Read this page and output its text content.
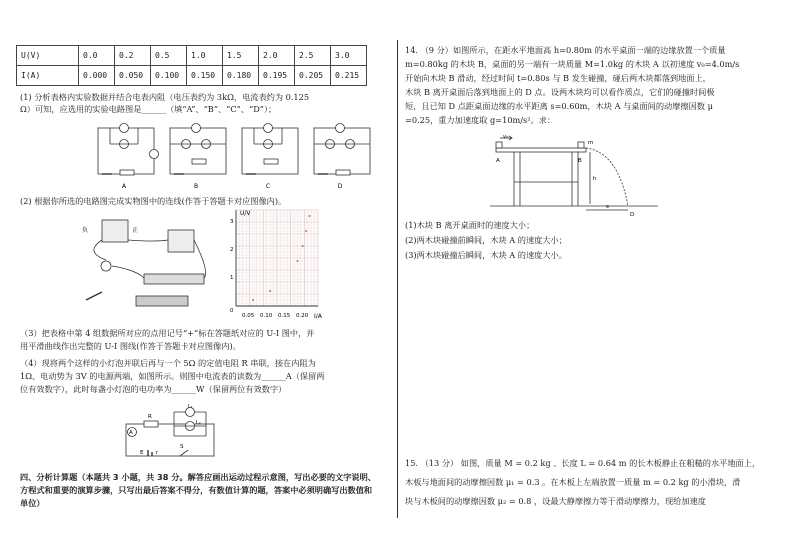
U(V)	0.0	0.2	0.5	1.0	1.5	2.0	2.5	3.0
I(A)	0.000	0.050	0.100	0.150	0.180	0.195	0.205	0.215
(1) 分析表格内实验数据并结合电表内阻（电压表约为 3kΩ，电流表约为 0.125
Ω）可知，应选用的实验电路图是______（填“A”、“B”、“C”、“D”）；
A	B	C	D
(2) 根据你所选的电路图完成实物图中的连线(作答于答题卡对应图像内)。
负	正
U/V
I/A
3
2
1
0
0.05 0.10 0.15 0.20
（3）把表格中第 4 组数据所对应的点用记号“+”标在答题纸对应的 U-I 图中，并
用平滑曲线作出完整的 U-I 图线(作答于答题卡对应图像内)。
（4）现将两个这样的小灯泡并联后再与一个 5Ω 的定值电阻 R 串联，接在内阻为
1Ω、电动势为 3V 的电源两端，如图所示。则图中电流表的读数为______A（保留两
位有效数字），此时每盏小灯泡的电功率为______W（保留两位有效数字）
A
R
L₁
L₂
E r
S
四、分析计算题（本题共 3 小题，共 38 分。解答应画出运动过程示意图，写出必要的文字说明、
方程式和重要的演算步骤，只写出最后答案不得分，有数值计算的题，答案中必须明确写出数值和
单位）
14. （9 分）如图所示，在距水平地面高 h=0.80m 的水平桌面一端的边缘放置一个质量
m=0.80kg 的木块 B，桌面的另一端有一块质量 M=1.0kg 的木块 A 以初速度 v₀=4.0m/s
开始向木块 B 滑动，经过时间 t=0.80s 与 B 发生碰撞，碰后两木块都落到地面上，
木块 B 离开桌面后落到地面上的 D 点。设两木块均可以看作质点，它们的碰撞时间极
短，且已知 D 点距桌面边缘的水平距离 s=0.60m，木块 A 与桌面间的动摩擦因数 μ
=0.25，重力加速度取 g=10m/s²。求：
v₀
A	B
m
h
s
D
(1)木块 B 离开桌面时的速度大小；
(2)两木块碰撞前瞬间，木块 A 的速度大小；
(3)两木块碰撞后瞬间，木块 A 的速度大小。
15. （13 分） 如图，质量 M = 0.2 kg 、长度 L = 0.64 m 的长木板静止在粗糙的水平地面上，
木板与地面间的动摩擦因数 μ₁ = 0.3 。在木板上左端放置一质量 m = 0.2 kg 的小滑块，滑
块与木板间的动摩擦因数 μ₂ = 0.8 ，设最大静摩擦力等于滑动摩擦力，现给加速度
